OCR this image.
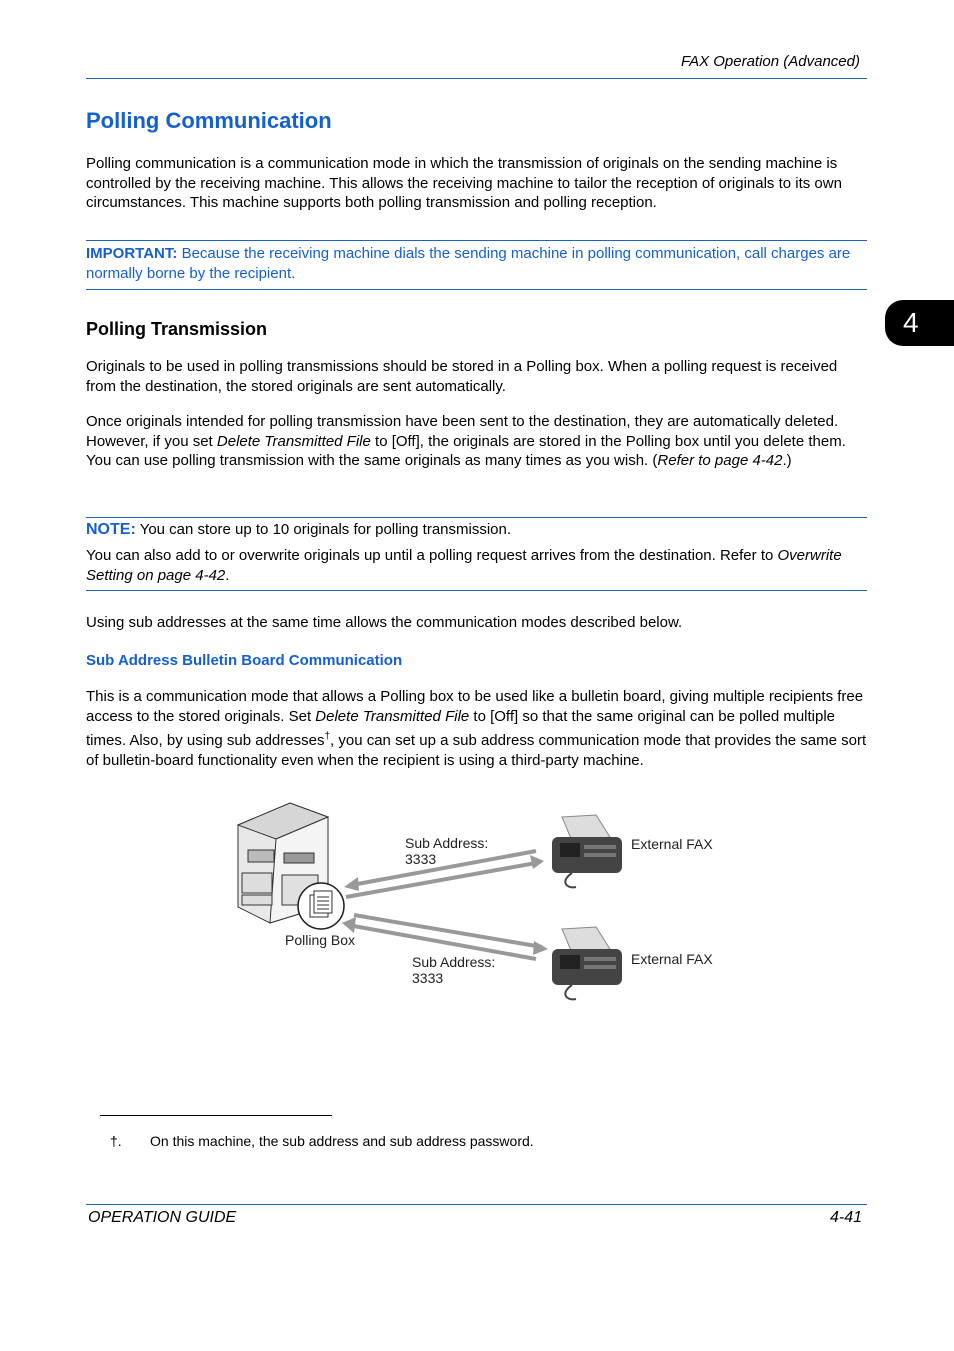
FAX Operation (Advanced)
4
Polling Communication
Polling communication is a communication mode in which the transmission of originals on the sending machine is controlled by the receiving machine. This allows the receiving machine to tailor the reception of originals to its own circumstances. This machine supports both polling transmission and polling reception.
IMPORTANT: Because the receiving machine dials the sending machine in polling communication, call charges are normally borne by the recipient.
Polling Transmission
Originals to be used in polling transmissions should be stored in a Polling box. When a polling request is received from the destination, the stored originals are sent automatically.
Once originals intended for polling transmission have been sent to the destination, they are automatically deleted. However, if you set Delete Transmitted File to [Off], the originals are stored in the Polling box until you delete them. You can use polling transmission with the same originals as many times as you wish. (Refer to page 4-42.)
NOTE: You can store up to 10 originals for polling transmission.
You can also add to or overwrite originals up until a polling request arrives from the destination. Refer to Overwrite Setting on page 4-42.
Using sub addresses at the same time allows the communication modes described below.
Sub Address Bulletin Board Communication
This is a communication mode that allows a Polling box to be used like a bulletin board, giving multiple recipients free access to the stored originals. Set Delete Transmitted File to [Off] so that the same original can be polled multiple times. Also, by using sub addresses†, you can set up a sub address communication mode that provides the same sort of bulletin-board functionality even when the recipient is using a third-party machine.
Sub Address:
3333
External FAX
Polling Box
Sub Address:
3333
External FAX
†. On this machine, the sub address and sub address password.
OPERATION GUIDE	4-41
